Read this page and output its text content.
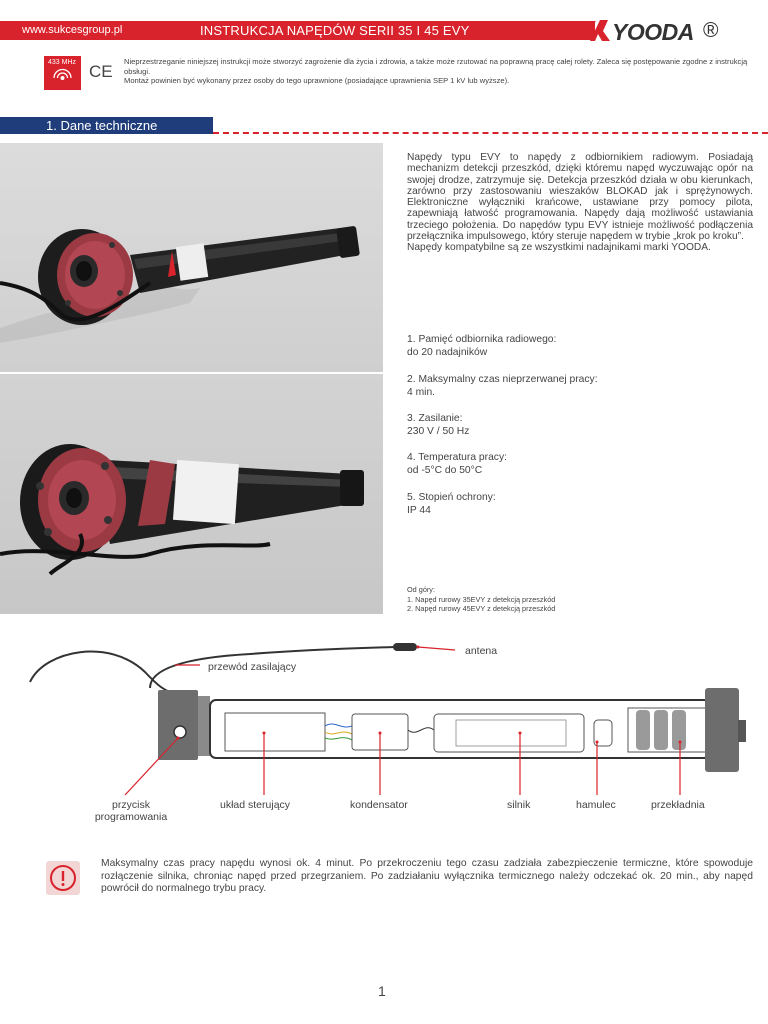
www.sukcesgroup.pl	INSTRUKCJA NAPĘDÓW SERII 35 I 45 EVY	YOODA ®
433 MHz CE
Nieprzestrzeganie niniejszej instrukcji może stworzyć zagrożenie dla życia i zdrowia, a także może rzutować na poprawną pracę całej rolety. Zaleca się postępowanie zgodne z instrukcją obsługi.
Montaż powinien być wykonany przez osoby do tego uprawnione (posiadające uprawnienia SEP 1 kV lub wyższe).
1. Dane techniczne
Napędy typu EVY to napędy z odbiornikiem radiowym. Posiadają mechanizm detekcji przeszkód, dzięki któremu napęd wyczuwając opór na swojej drodze, zatrzymuje się. Detekcja przeszkód działa w obu kierunkach, zarówno przy zastosowaniu wieszaków BLOKAD jak i sprężynowych. Elektroniczne wyłączniki krańcowe, ustawiane przy pomocy pilota, zapewniają łatwość programowania. Napędy dają możliwość ustawiania trzeciego położenia. Do napędów typu EVY istnieje możliwość podłączenia przełącznika impulsowego, który steruje napędem w trybie „krok po kroku”.
Napędy kompatybilne są ze wszystkimi nadajnikami marki YOODA.
1. Pamięć odbiornika radiowego:
do 20 nadajników
2. Maksymalny czas nieprzerwanej pracy:
4 min.
3. Zasilanie:
230 V / 50 Hz
4. Temperatura pracy:
od -5°C do 50°C
5. Stopień ochrony:
IP 44
Od góry:
1. Napęd rurowy 35EVY z detekcją przeszkód
2. Napęd rurowy 45EVY z detekcją przeszkód
antena
przewód zasilający
przycisk
programowania
układ sterujący	kondensator	silnik	hamulec	przekładnia
Maksymalny czas pracy napędu wynosi ok. 4 minut. Po przekroczeniu tego czasu zadziała zabezpieczenie termiczne, które spowoduje rozłączenie silnika, chroniąc napęd przed przegrzaniem. Po zadziałaniu wyłącznika termicznego należy odczekać ok. 20 min., aby napęd powrócił do normalnego trybu pracy.
1
